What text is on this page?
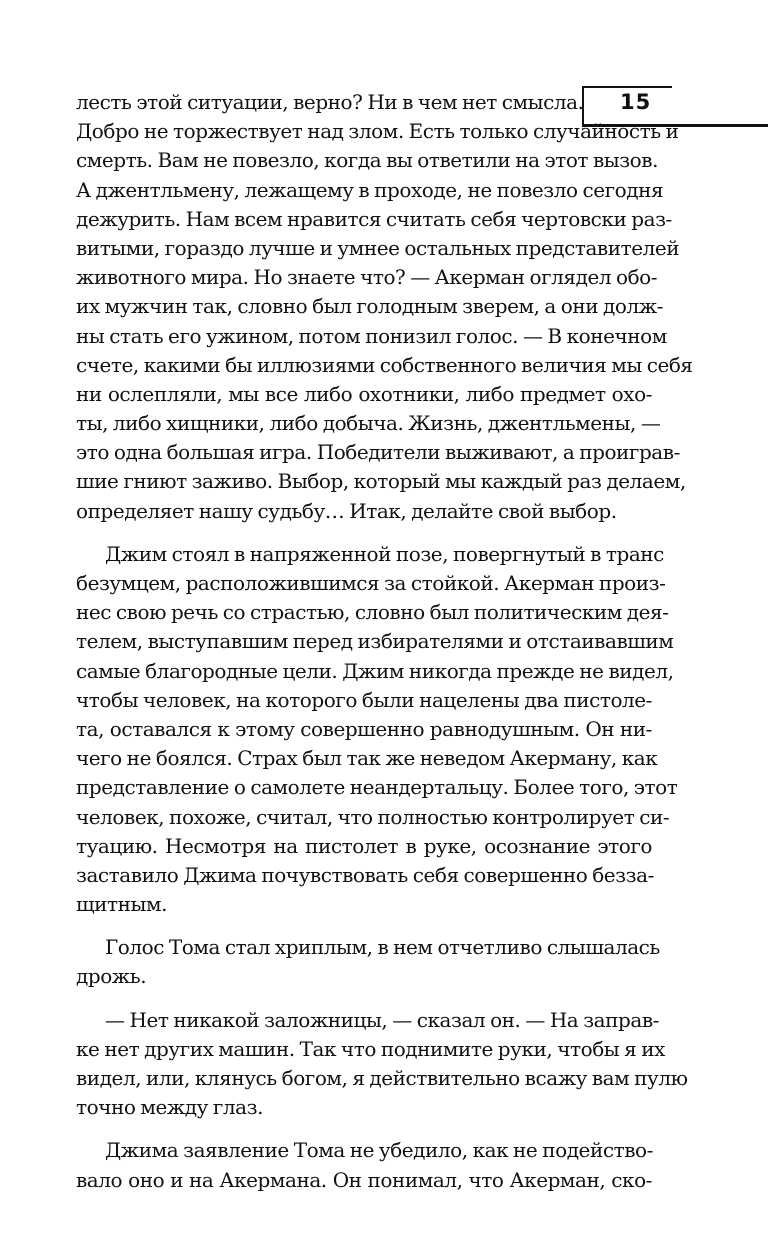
15
лесть этой ситуации, верно? Ни в чем нет смысла.
Добро не торжествует над злом. Есть только случайность и
смерть. Вам не повезло, когда вы ответили на этот вызов.
А джентльмену, лежащему в проходе, не повезло сегодня
дежурить. Нам всем нравится считать себя чертовски раз-
витыми, гораздо лучше и умнее остальных представителей
животного мира. Но знаете что? — Акерман оглядел обо-
их мужчин так, словно был голодным зверем, а они долж-
ны стать его ужином, потом понизил голос. — В конечном
счете, какими бы иллюзиями собственного величия мы себя
ни ослепляли, мы все либо охотники, либо предмет охо-
ты, либо хищники, либо добыча. Жизнь, джентльмены, —
это одна большая игра. Победители выживают, а проиграв-
шие гниют заживо. Выбор, который мы каждый раз делаем,
определяет нашу судьбу… Итак, делайте свой выбор.
Джим стоял в напряженной позе, повергнутый в транс
безумцем, расположившимся за стойкой. Акерман произ-
нес свою речь со страстью, словно был политическим дея-
телем, выступавшим перед избирателями и отстаивавшим
самые благородные цели. Джим никогда прежде не видел,
чтобы человек, на которого были нацелены два пистоле-
та, оставался к этому совершенно равнодушным. Он ни-
чего не боялся. Страх был так же неведом Акерману, как
представление о самолете неандертальцу. Более того, этот
человек, похоже, считал, что полностью контролирует си-
туацию. Несмотря на пистолет в руке, осознание этого
заставило Джима почувствовать себя совершенно безза-
щитным.
Голос Тома стал хриплым, в нем отчетливо слышалась
дрожь.
— Нет никакой заложницы, — сказал он. — На заправ-
ке нет других машин. Так что поднимите руки, чтобы я их
видел, или, клянусь богом, я действительно всажу вам пулю
точно между глаз.
Джима заявление Тома не убедило, как не подейство-
вало оно и на Акермана. Он понимал, что Акерман, ско-
